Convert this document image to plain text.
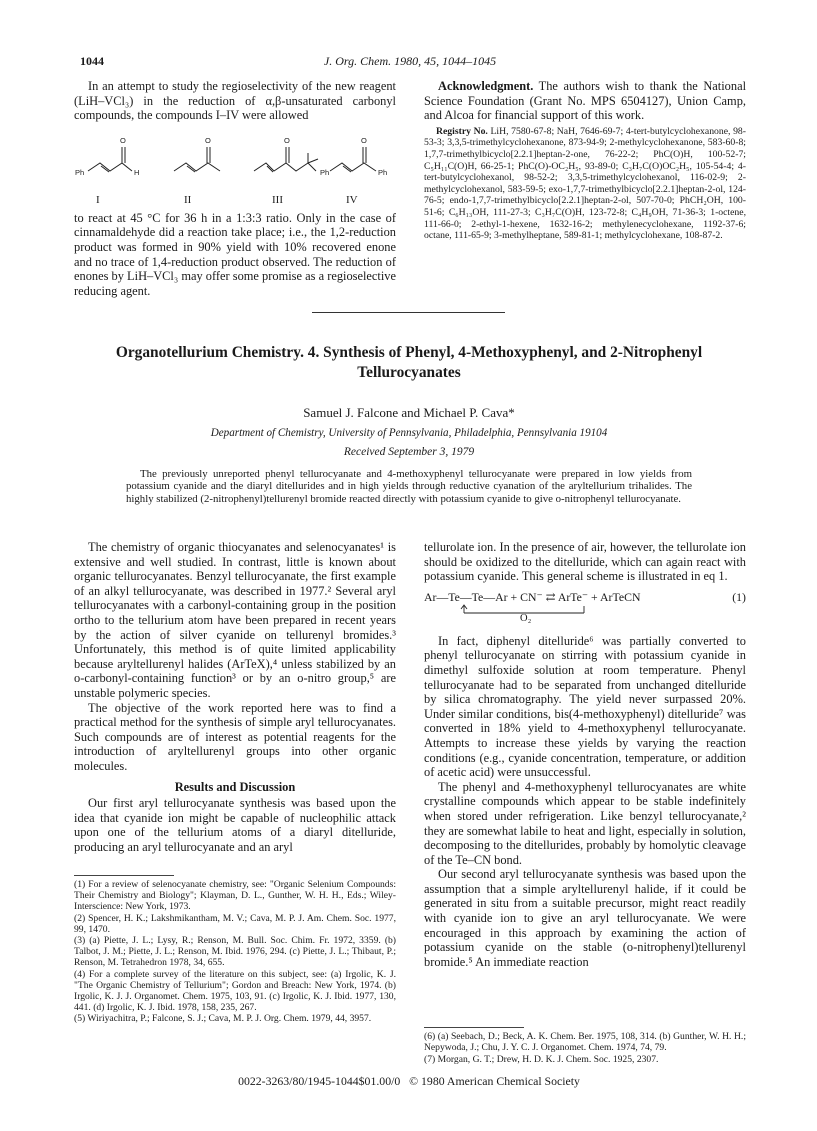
1044	J. Org. Chem. 1980, 45, 1044–1045

In an attempt to study the regioselectivity of the new reagent (LiH–VCl₃) in the reduction of α,β-unsaturated carbonyl compounds, the compounds I–IV were allowed

Ph	H
O	O	O
Ph	Ph
O
I	II	III	IV

to react at 45 °C for 36 h in a 1:3:3 ratio. Only in the case of cinnamaldehyde did a reaction take place; i.e., the 1,2-reduction product was formed in 90% yield with 10% recovered enone and no trace of 1,4-reduction product observed. The reduction of enones by LiH–VCl₃ may offer some promise as a regioselective reducing agent.

Acknowledgment. The authors wish to thank the National Science Foundation (Grant No. MPS 6504127), Union Camp, and Alcoa for financial support of this work.

Registry No. LiH, 7580-67-8; NaH, 7646-69-7; 4-tert-butylcyclohexanone, 98-53-3; 3,3,5-trimethylcyclohexanone, 873-94-9; 2-methylcyclohexanone, 583-60-8; 1,7,7-trimethylbicyclo[2.2.1]heptan-2-one, 76-22-2; PhC(O)H, 100-52-7; C₅H₁₁C(O)H, 66-25-1; PhC(O)-OC₂H₅, 93-89-0; C₃H₇C(O)OC₂H₅, 105-54-4; 4-tert-butylcyclohexanol, 98-52-2; 3,3,5-trimethylcyclohexanol, 116-02-9; 2-methylcyclohexanol, 583-59-5; exo-1,7,7-trimethylbicyclo[2.2.1]heptan-2-ol, 124-76-5; endo-1,7,7-trimethylbicyclo[2.2.1]heptan-2-ol, 507-70-0; PhCH₂OH, 100-51-6; C₆H₁₃OH, 111-27-3; C₃H₇C(O)H, 123-72-8; C₄H₉OH, 71-36-3; 1-octene, 111-66-0; 2-ethyl-1-hexene, 1632-16-2; methylenecyclohexane, 1192-37-6; octane, 111-65-9; 3-methylheptane, 589-81-1; methylcyclohexane, 108-87-2.

Organotellurium Chemistry. 4. Synthesis of Phenyl, 4-Methoxyphenyl, and 2-Nitrophenyl Tellurocyanates
Samuel J. Falcone and Michael P. Cava*
Department of Chemistry, University of Pennsylvania, Philadelphia, Pennsylvania 19104
Received September 3, 1979

The previously unreported phenyl tellurocyanate and 4-methoxyphenyl tellurocyanate were prepared in low yields from potassium cyanide and the diaryl ditellurides and in high yields through reductive cyanation of the aryltellurium trihalides. The highly stabilized (2-nitrophenyl)tellurenyl bromide reacted directly with potassium cyanide to give o-nitrophenyl tellurocyanate.

The chemistry of organic thiocyanates and selenocyanates¹ is extensive and well studied. In contrast, little is known about organic tellurocyanates. Benzyl tellurocyanate, the first example of an alkyl tellurocyanate, was described in 1977.² Several aryl tellurocyanates with a carbonyl-containing group in the position ortho to the tellurium atom have been prepared in recent years by the action of silver cyanide on tellurenyl bromides.³ Unfortunately, this method is of quite limited applicability because aryltellurenyl halides (ArTeX),⁴ unless stabilized by an o-carbonyl-containing function³ or by an o-nitro group,⁵ are unstable polymeric species.

The objective of the work reported here was to find a practical method for the synthesis of simple aryl tellurocyanates. Such compounds are of interest as potential reagents for the introduction of aryltellurenyl groups into other organic molecules.

Results and Discussion

Our first aryl tellurocyanate synthesis was based upon the idea that cyanide ion might be capable of nucleophilic attack upon one of the tellurium atoms of a diaryl ditelluride, producing an aryl tellurocyanate and an aryl

tellurolate ion. In the presence of air, however, the tellurolate ion should be oxidized to the ditelluride, which can again react with potassium cyanide. This general scheme is illustrated in eq 1.

Ar—Te—Te—Ar + CN⁻ ⇄ ArTe⁻ + ArTeCN	(1)
O₂

In fact, diphenyl ditelluride⁶ was partially converted to phenyl tellurocyanate on stirring with potassium cyanide in dimethyl sulfoxide solution at room temperature. Phenyl tellurocyanate had to be separated from unchanged ditelluride by silica chromatography. The yield never surpassed 20%. Under similar conditions, bis(4-methoxyphenyl) ditelluride⁷ was converted in 18% yield to 4-methoxyphenyl tellurocyanate. Attempts to increase these yields by varying the reaction conditions (e.g., cyanide concentration, temperature, or addition of acetic acid) were unsuccessful.

The phenyl and 4-methoxyphenyl tellurocyanates are white crystalline compounds which appear to be stable indefinitely when stored under refrigeration. Like benzyl tellurocyanate,² they are somewhat labile to heat and light, especially in solution, decomposing to the ditellurides, probably by homolytic cleavage of the Te–CN bond.

Our second aryl tellurocyanate synthesis was based upon the assumption that a simple aryltellurenyl halide, if it could be generated in situ from a suitable precursor, might react readily with cyanide ion to give an aryl tellurocyanate. We were encouraged in this approach by examining the action of potassium cyanide on the stable (o-nitrophenyl)tellurenyl bromide.⁵ An immediate reaction

(1) For a review of selenocyanate chemistry, see: "Organic Selenium Compounds: Their Chemistry and Biology"; Klayman, D. L., Gunther, W. H. H., Eds.; Wiley-Interscience: New York, 1973.

(2) Spencer, H. K.; Lakshmikantham, M. V.; Cava, M. P. J. Am. Chem. Soc. 1977, 99, 1470.

(3) (a) Piette, J. L.; Lysy, R.; Renson, M. Bull. Soc. Chim. Fr. 1972, 3359. (b) Talbot, J. M.; Piette, J. L.; Renson, M. Ibid. 1976, 294. (c) Piette, J. L.; Thibaut, P.; Renson, M. Tetrahedron 1978, 34, 655.

(4) For a complete survey of the literature on this subject, see: (a) Irgolic, K. J. "The Organic Chemistry of Tellurium"; Gordon and Breach: New York, 1974. (b) Irgolic, K. J. J. Organomet. Chem. 1975, 103, 91. (c) Irgolic, K. J. Ibid. 1977, 130, 441. (d) Irgolic, K. J. Ibid. 1978, 158, 235, 267.

(5) Wiriyachitra, P.; Falcone, S. J.; Cava, M. P. J. Org. Chem. 1979, 44, 3957.

(6) (a) Seebach, D.; Beck, A. K. Chem. Ber. 1975, 108, 314. (b) Gunther, W. H. H.; Nepywoda, J.; Chu, J. Y. C. J. Organomet. Chem. 1974, 74, 79.

(7) Morgan, G. T.; Drew, H. D. K. J. Chem. Soc. 1925, 2307.

0022-3263/80/1945-1044$01.00/0 © 1980 American Chemical Society
